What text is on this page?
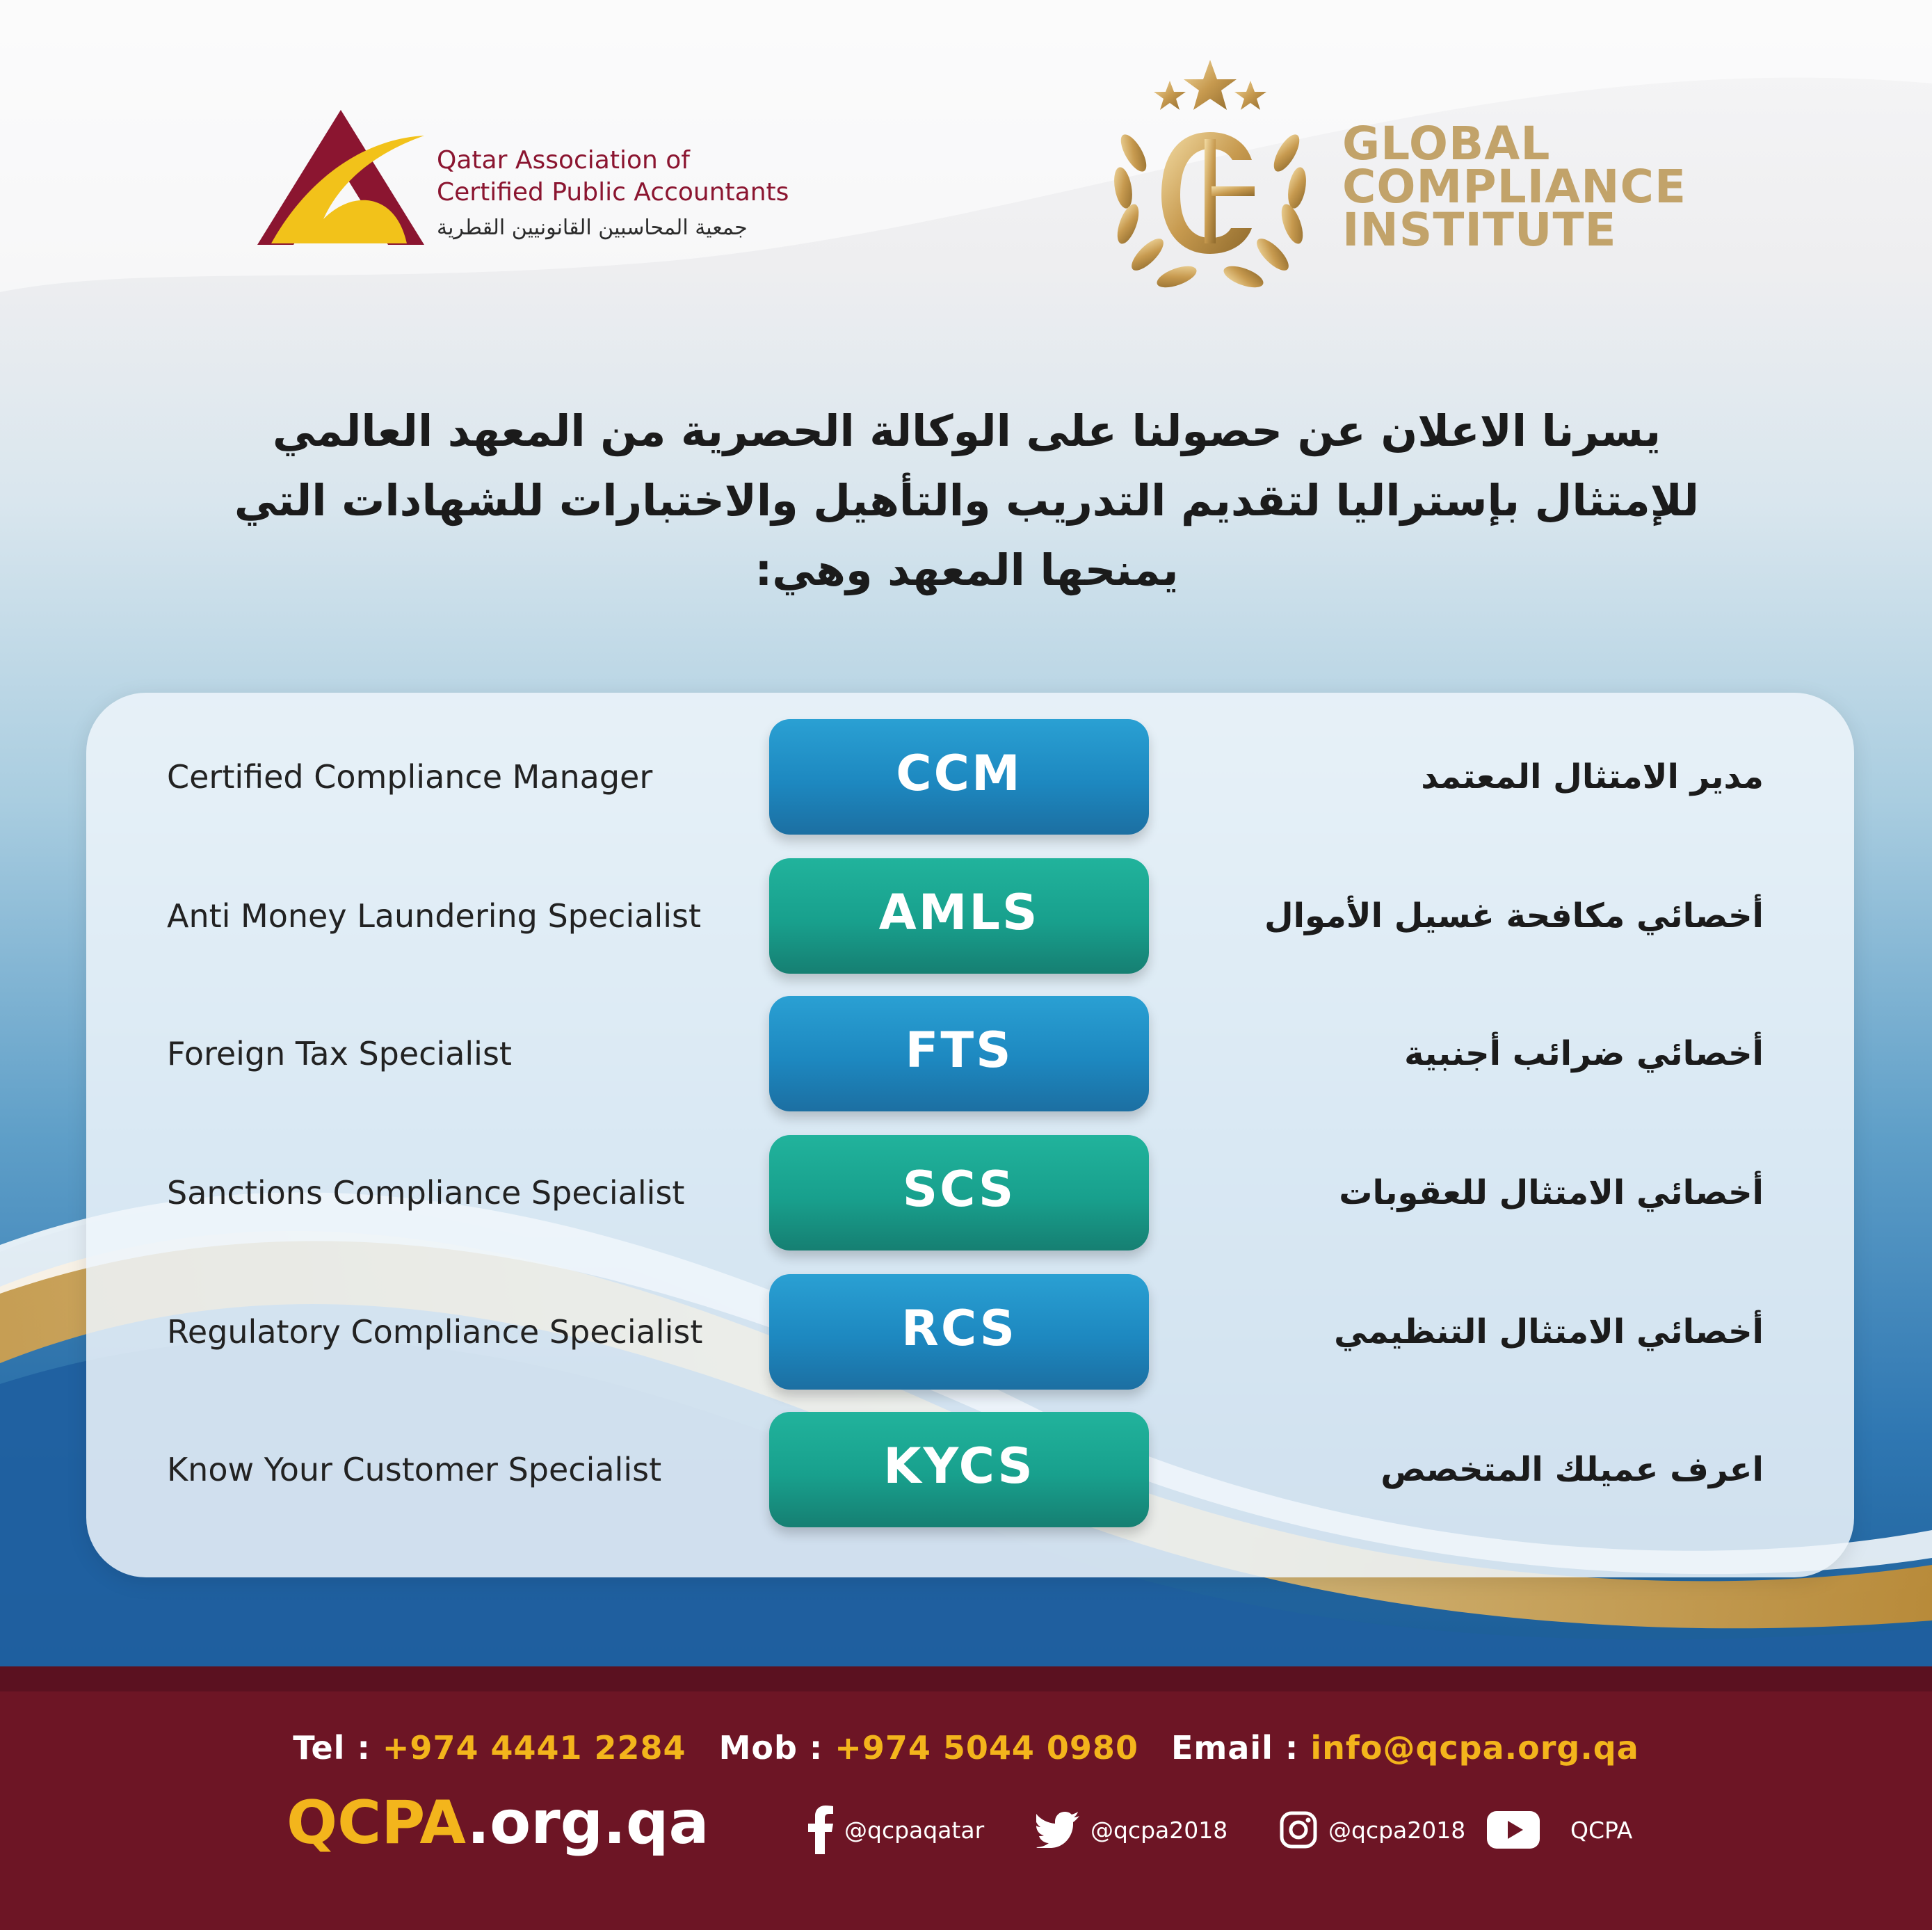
Qatar Association of
Certified Public Accountants
جمعية المحاسبين القانونيين القطرية
GLOBAL
COMPLIANCE
INSTITUTE
يسرنا الاعلان عن حصولنا على الوكالة الحصرية من المعهد العالمي للإمتثال بإستراليا لتقديم التدريب والتأهيل والاختبارات للشهادات التي يمنحها المعهد وهي:
Certified Compliance Manager	CCM	مدير الامتثال المعتمد
Anti Money Laundering Specialist	AMLS	أخصائي مكافحة غسيل الأموال
Foreign Tax Specialist	FTS	أخصائي ضرائب أجنبية
Sanctions Compliance Specialist	SCS	أخصائي الامتثال للعقوبات
Regulatory Compliance Specialist	RCS	أخصائي الامتثال التنظيمي
Know Your Customer Specialist	KYCS	اعرف عميلك المتخصص
Tel : +974 4441 2284 Mob : +974 5044 0980 Email : info@qcpa.org.qa
QCPA.org.qa	@qcpaqatar	@qcpa2018	@qcpa2018	QCPA
